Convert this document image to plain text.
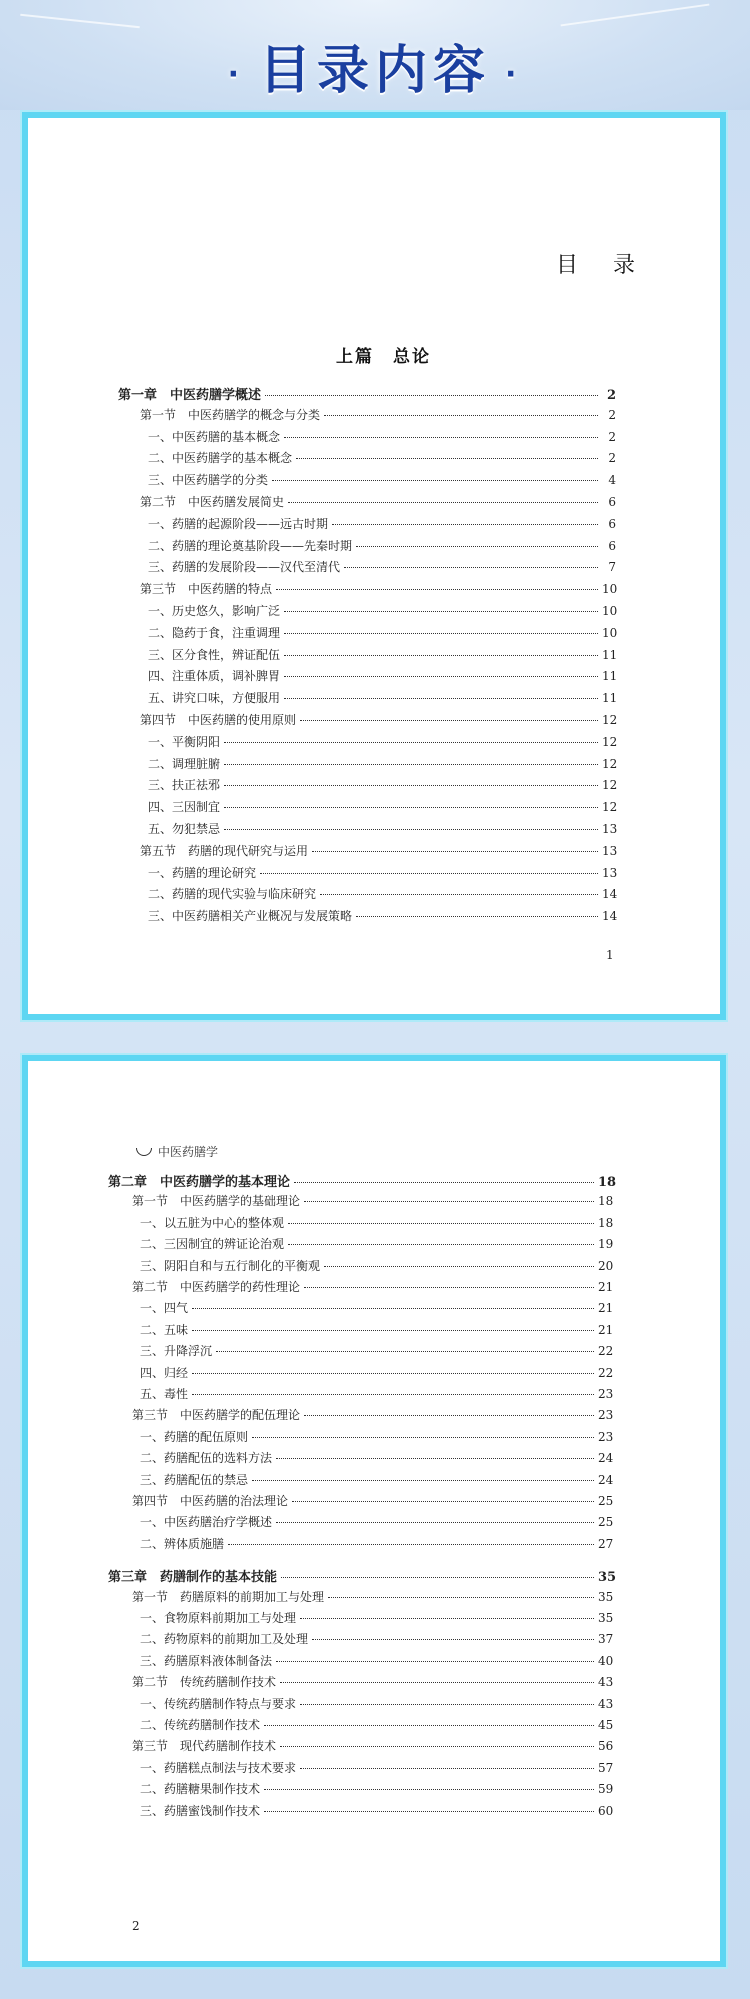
· 目录内容 ·
目 录
上篇　总论
第一章　中医药膳学概述	2
第一节　中医药膳学的概念与分类	2
一、中医药膳的基本概念	2
二、中医药膳学的基本概念	2
三、中医药膳学的分类	4
第二节　中医药膳发展简史	6
一、药膳的起源阶段——远古时期	6
二、药膳的理论奠基阶段——先秦时期	6
三、药膳的发展阶段——汉代至清代	7
第三节　中医药膳的特点	10
一、历史悠久，影响广泛	10
二、隐药于食，注重调理	10
三、区分食性，辨证配伍	11
四、注重体质，调补脾胃	11
五、讲究口味，方便服用	11
第四节　中医药膳的使用原则	12
一、平衡阴阳	12
二、调理脏腑	12
三、扶正祛邪	12
四、三因制宜	12
五、勿犯禁忌	13
第五节　药膳的现代研究与运用	13
一、药膳的理论研究	13
二、药膳的现代实验与临床研究	14
三、中医药膳相关产业概况与发展策略	14
1
中医药膳学
第二章　中医药膳学的基本理论	18
第一节　中医药膳学的基础理论	18
一、以五脏为中心的整体观	18
二、三因制宜的辨证论治观	19
三、阴阳自和与五行制化的平衡观	20
第二节　中医药膳学的药性理论	21
一、四气	21
二、五味	21
三、升降浮沉	22
四、归经	22
五、毒性	23
第三节　中医药膳学的配伍理论	23
一、药膳的配伍原则	23
二、药膳配伍的选料方法	24
三、药膳配伍的禁忌	24
第四节　中医药膳的治法理论	25
一、中医药膳治疗学概述	25
二、辨体质施膳	27
第三章　药膳制作的基本技能	35
第一节　药膳原料的前期加工与处理	35
一、食物原料前期加工与处理	35
二、药物原料的前期加工及处理	37
三、药膳原料液体制备法	40
第二节　传统药膳制作技术	43
一、传统药膳制作特点与要求	43
二、传统药膳制作技术	45
第三节　现代药膳制作技术	56
一、药膳糕点制法与技术要求	57
二、药膳糖果制作技术	59
三、药膳蜜饯制作技术	60
2
